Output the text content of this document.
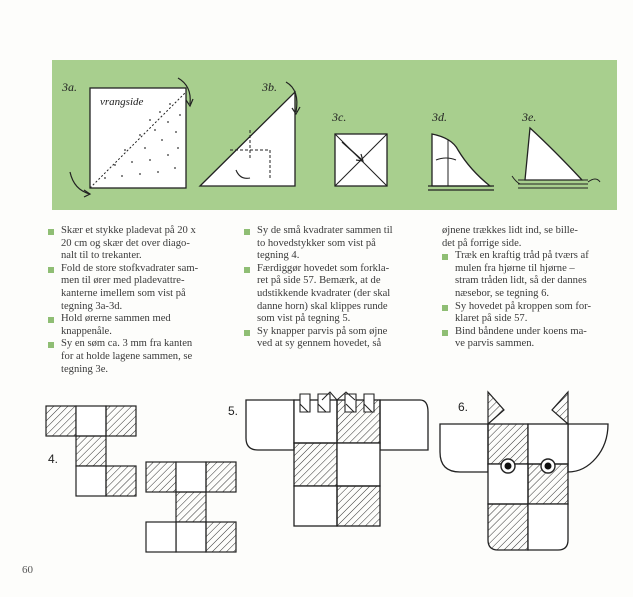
3a.	3b.
3c.	3d.	3e.
vrangside
Skær et stykke pladevat på 20 x
20 cm og skær det over diago-
nalt til to trekanter.

Fold de store stofkvadrater sam-
men til ører med pladevattre-
kanterne imellem som vist på
tegning 3a-3d.

Hold ørerne sammen med
knappenåle.

Sy en søm ca. 3 mm fra kanten
for at holde lagene sammen, se
tegning 3e.

Sy de små kvadrater sammen til
to hovedstykker som vist på
tegning 4.

Færdiggør hovedet som forkla-
ret på side 57. Bemærk, at de
udstikkende kvadrater (der skal
danne horn) skal klippes runde
som vist på tegning 5.

Sy knapper parvis på som øjne
ved at sy gennem hovedet, så

øjnene trækkes lidt ind, se bille-
det på forrige side.

Træk en kraftig tråd på tværs af
mulen fra hjørne til hjørne –
stram tråden lidt, så der dannes
næsebor, se tegning 6.

Sy hovedet på kroppen som for-
klaret på side 57.

Bind båndene under koens ma-
ve parvis sammen.

4.
5.	6.
60
